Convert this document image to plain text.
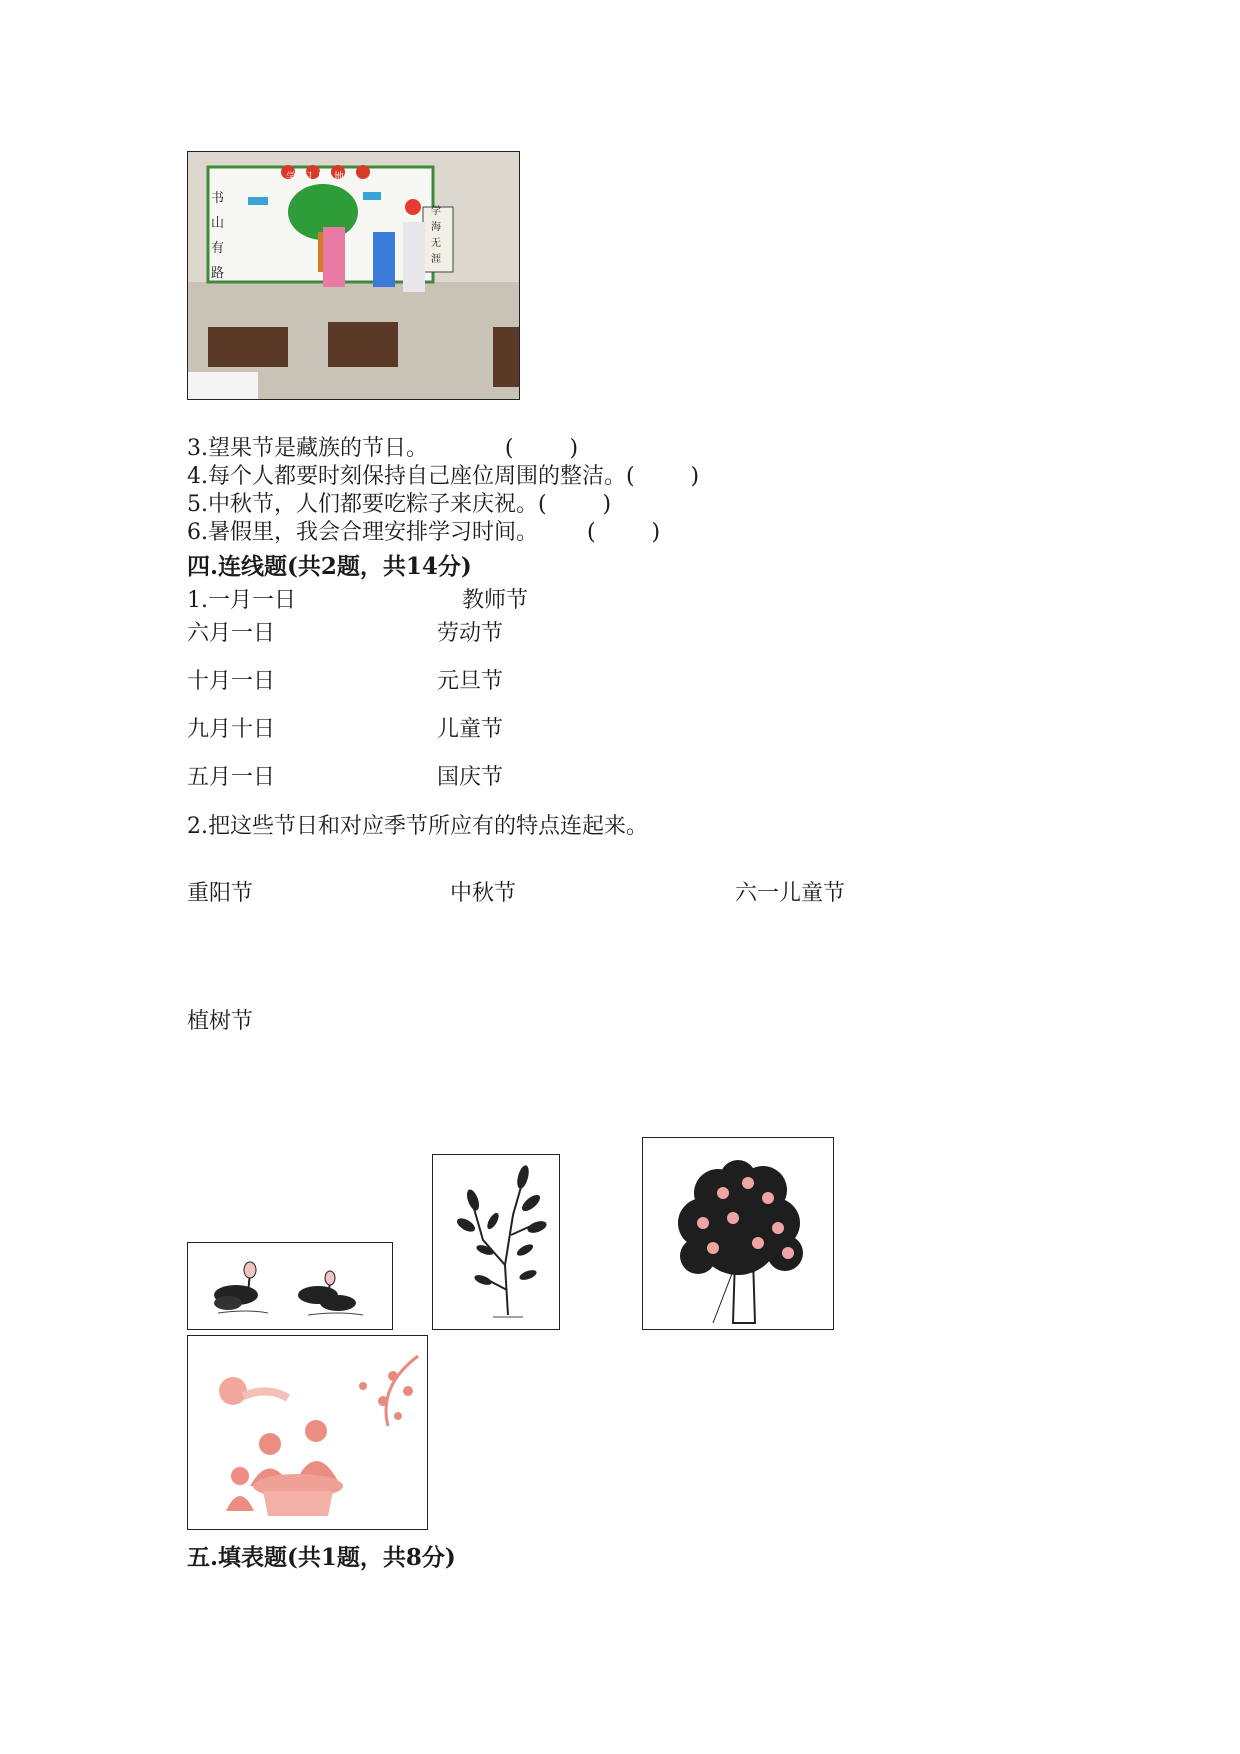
学习园地
书山有路
学海无涯
3.望果节是藏族的节日。           (        )
4.每个人都要时刻保持自己座位周围的整洁。(        )
5.中秋节，人们都要吃粽子来庆祝。(        )
6.暑假里，我会合理安排学习时间。       (        )
四.连线题(共2题，共14分)
1.一月一日
六月一日
十月一日
九月十日
五月一日
教师节
劳动节
元旦节
儿童节
国庆节
2.把这些节日和对应季节所应有的特点连起来。
重阳节	中秋节	六一儿童节
植树节
五.填表题(共1题，共8分)
